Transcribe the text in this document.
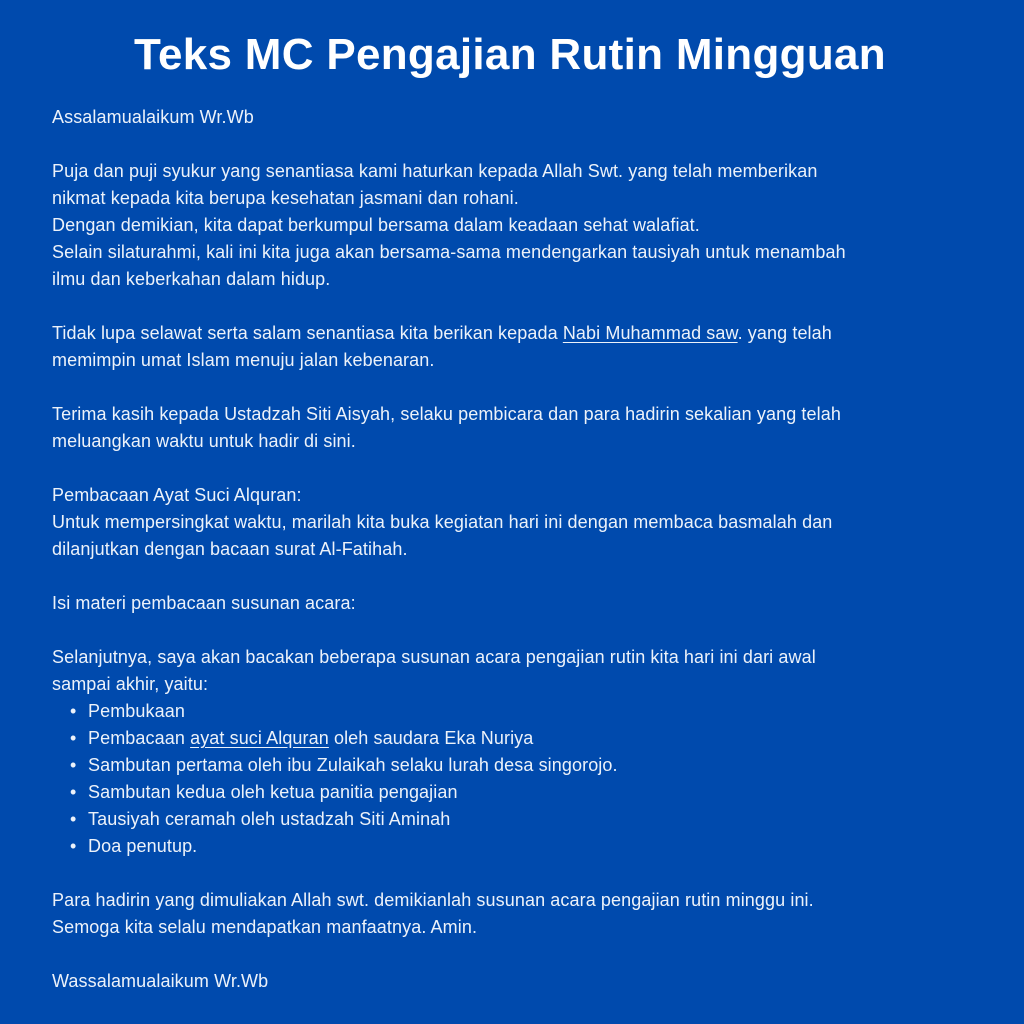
Teks MC Pengajian Rutin Mingguan

Assalamualaikum Wr.Wb

Puja dan puji syukur yang senantiasa kami haturkan kepada Allah Swt. yang telah memberikan
nikmat kepada kita berupa kesehatan jasmani dan rohani.
Dengan demikian, kita dapat berkumpul bersama dalam keadaan sehat walafiat.
Selain silaturahmi, kali ini kita juga akan bersama-sama mendengarkan tausiyah untuk menambah
ilmu dan keberkahan dalam hidup.

Tidak lupa selawat serta salam senantiasa kita berikan kepada Nabi Muhammad saw. yang telah
memimpin umat Islam menuju jalan kebenaran.

Terima kasih kepada Ustadzah Siti Aisyah, selaku pembicara dan para hadirin sekalian yang telah
meluangkan waktu untuk hadir di sini.

Pembacaan Ayat Suci Alquran:
Untuk mempersingkat waktu, marilah kita buka kegiatan hari ini dengan membaca basmalah dan
dilanjutkan dengan bacaan surat Al-Fatihah.

Isi materi pembacaan susunan acara:

Selanjutnya, saya akan bacakan beberapa susunan acara pengajian rutin kita hari ini dari awal
sampai akhir, yaitu:

• Pembukaan
• Pembacaan ayat suci Alquran oleh saudara Eka Nuriya
• Sambutan pertama oleh ibu Zulaikah selaku lurah desa singorojo.
• Sambutan kedua oleh ketua panitia pengajian
• Tausiyah ceramah oleh ustadzah Siti Aminah
• Doa penutup.

Para hadirin yang dimuliakan Allah swt. demikianlah susunan acara pengajian rutin minggu ini.
Semoga kita selalu mendapatkan manfaatnya. Amin.

Wassalamualaikum Wr.Wb
